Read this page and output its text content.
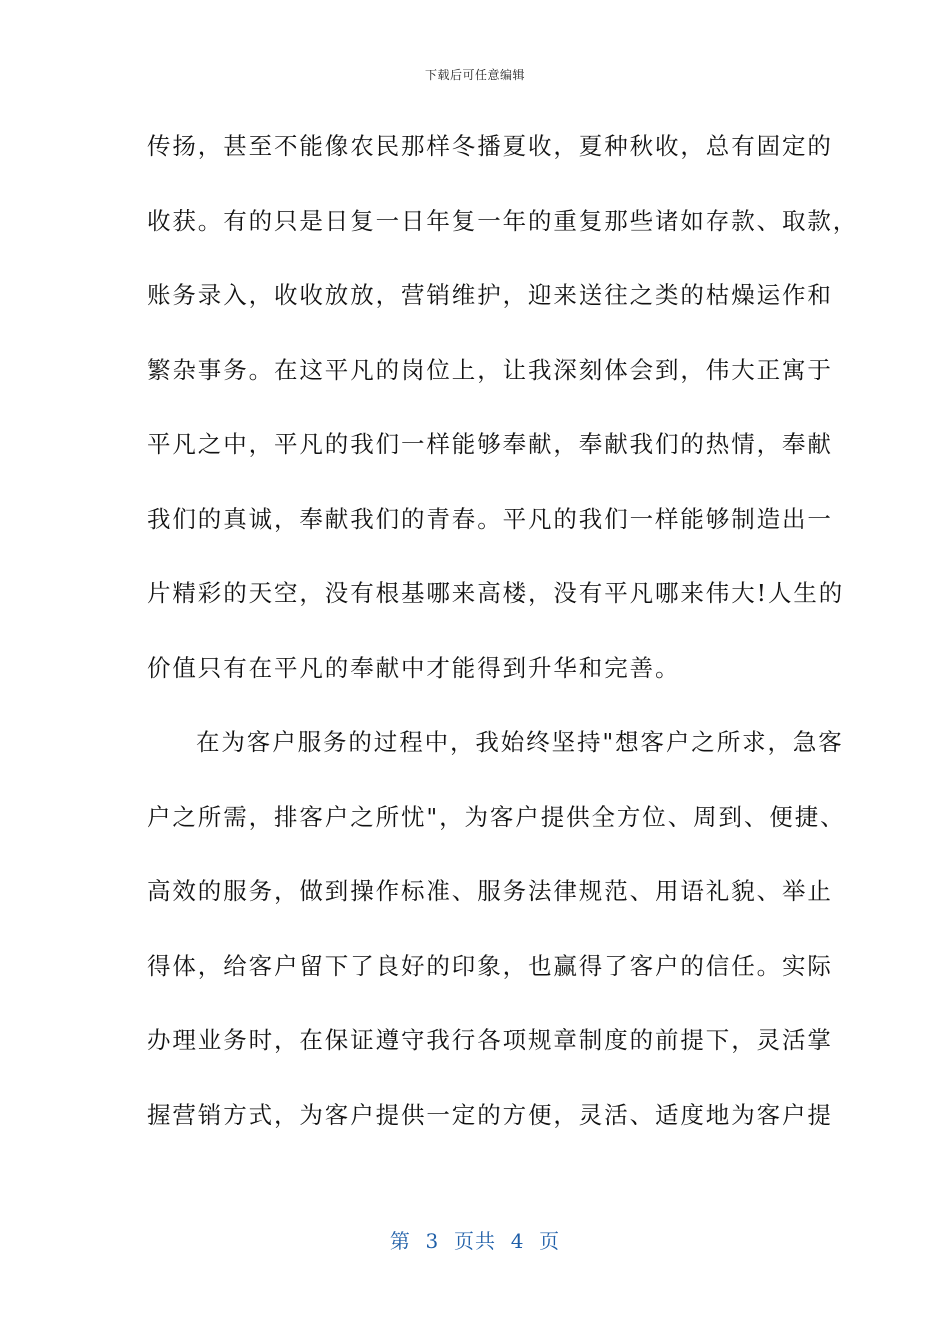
下载后可任意编辑
传扬，甚至不能像农民那样冬播夏收，夏种秋收，总有固定的
收获。有的只是日复一日年复一年的重复那些诸如存款、取款，
账务录入，收收放放，营销维护，迎来送往之类的枯燥运作和
繁杂事务。在这平凡的岗位上，让我深刻体会到，伟大正寓于
平凡之中，平凡的我们一样能够奉献，奉献我们的热情，奉献
我们的真诚，奉献我们的青春。平凡的我们一样能够制造出一
片精彩的天空，没有根基哪来高楼，没有平凡哪来伟大!人生的
价值只有在平凡的奉献中才能得到升华和完善。
在为客户服务的过程中，我始终坚持"想客户之所求，急客
户之所需，排客户之所忧"，为客户提供全方位、周到、便捷、
高效的服务，做到操作标准、服务法律规范、用语礼貌、举止
得体，给客户留下了良好的印象，也赢得了客户的信任。实际
办理业务时，在保证遵守我行各项规章制度的前提下，灵活掌
握营销方式，为客户提供一定的方便，灵活、适度地为客户提
第  3  页共  4  页
